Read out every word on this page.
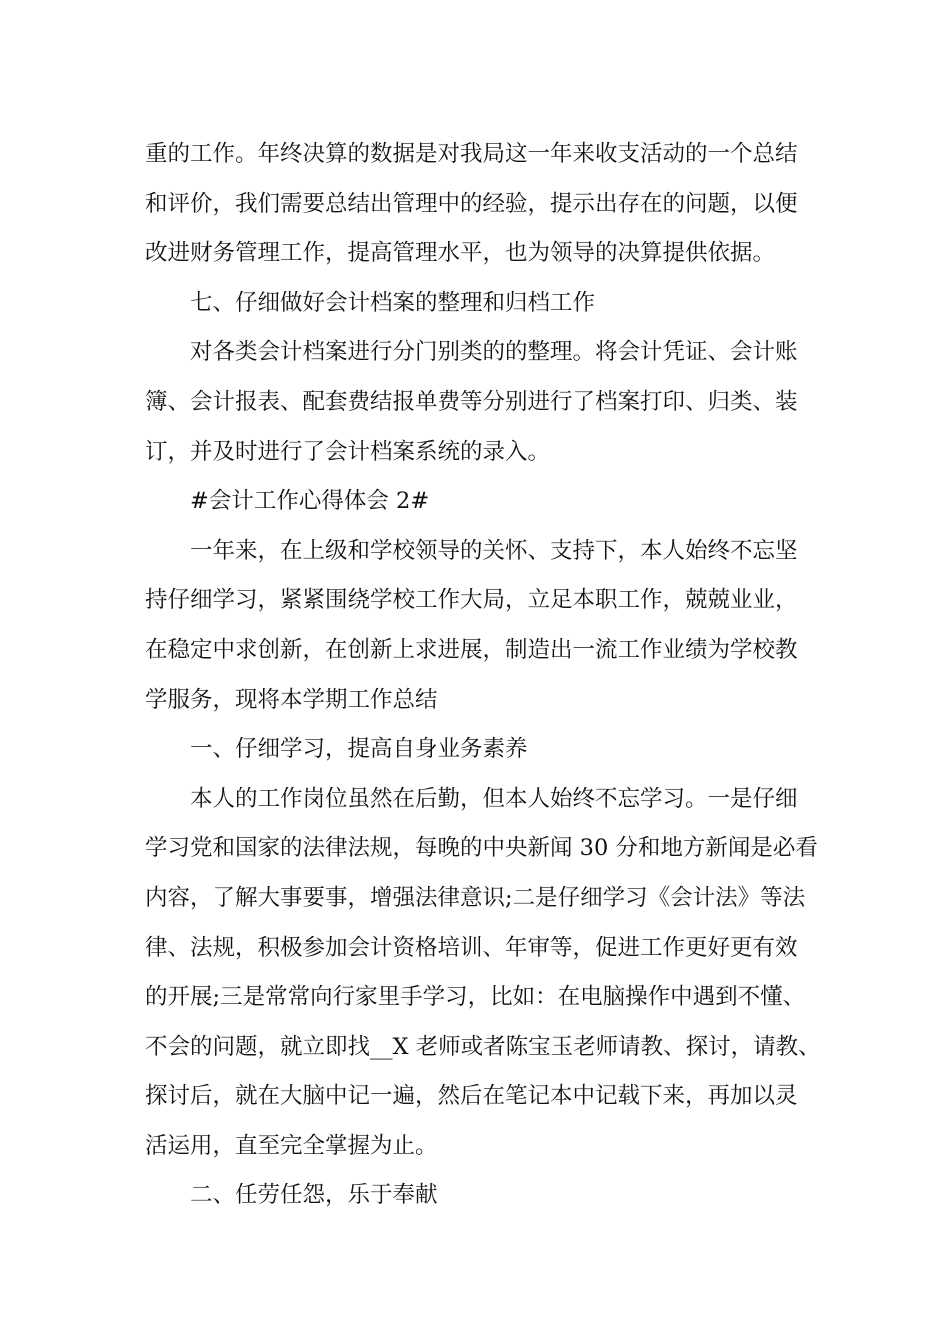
重的工作。年终决算的数据是对我局这一年来收支活动的一个总结
和评价，我们需要总结出管理中的经验，提示出存在的问题，以便
改进财务管理工作，提高管理水平，也为领导的决算提供依据。
七、仔细做好会计档案的整理和归档工作
对各类会计档案进行分门别类的的整理。将会计凭证、会计账
簿、会计报表、配套费结报单费等分别进行了档案打印、归类、装
订，并及时进行了会计档案系统的录入。
#会计工作心得体会 2#
一年来，在上级和学校领导的关怀、支持下，本人始终不忘坚
持仔细学习，紧紧围绕学校工作大局，立足本职工作，兢兢业业，
在稳定中求创新，在创新上求进展，制造出一流工作业绩为学校教
学服务，现将本学期工作总结
一、仔细学习，提高自身业务素养
本人的工作岗位虽然在后勤，但本人始终不忘学习。一是仔细
学习党和国家的法律法规，每晚的中央新闻 30 分和地方新闻是必看
内容，了解大事要事，增强法律意识;二是仔细学习《会计法》等法
律、法规，积极参加会计资格培训、年审等，促进工作更好更有效
的开展;三是常常向行家里手学习，比如：在电脑操作中遇到不懂、
不会的问题，就立即找__X 老师或者陈宝玉老师请教、探讨，请教、
探讨后，就在大脑中记一遍，然后在笔记本中记载下来，再加以灵
活运用，直至完全掌握为止。
二、任劳任怨，乐于奉献
